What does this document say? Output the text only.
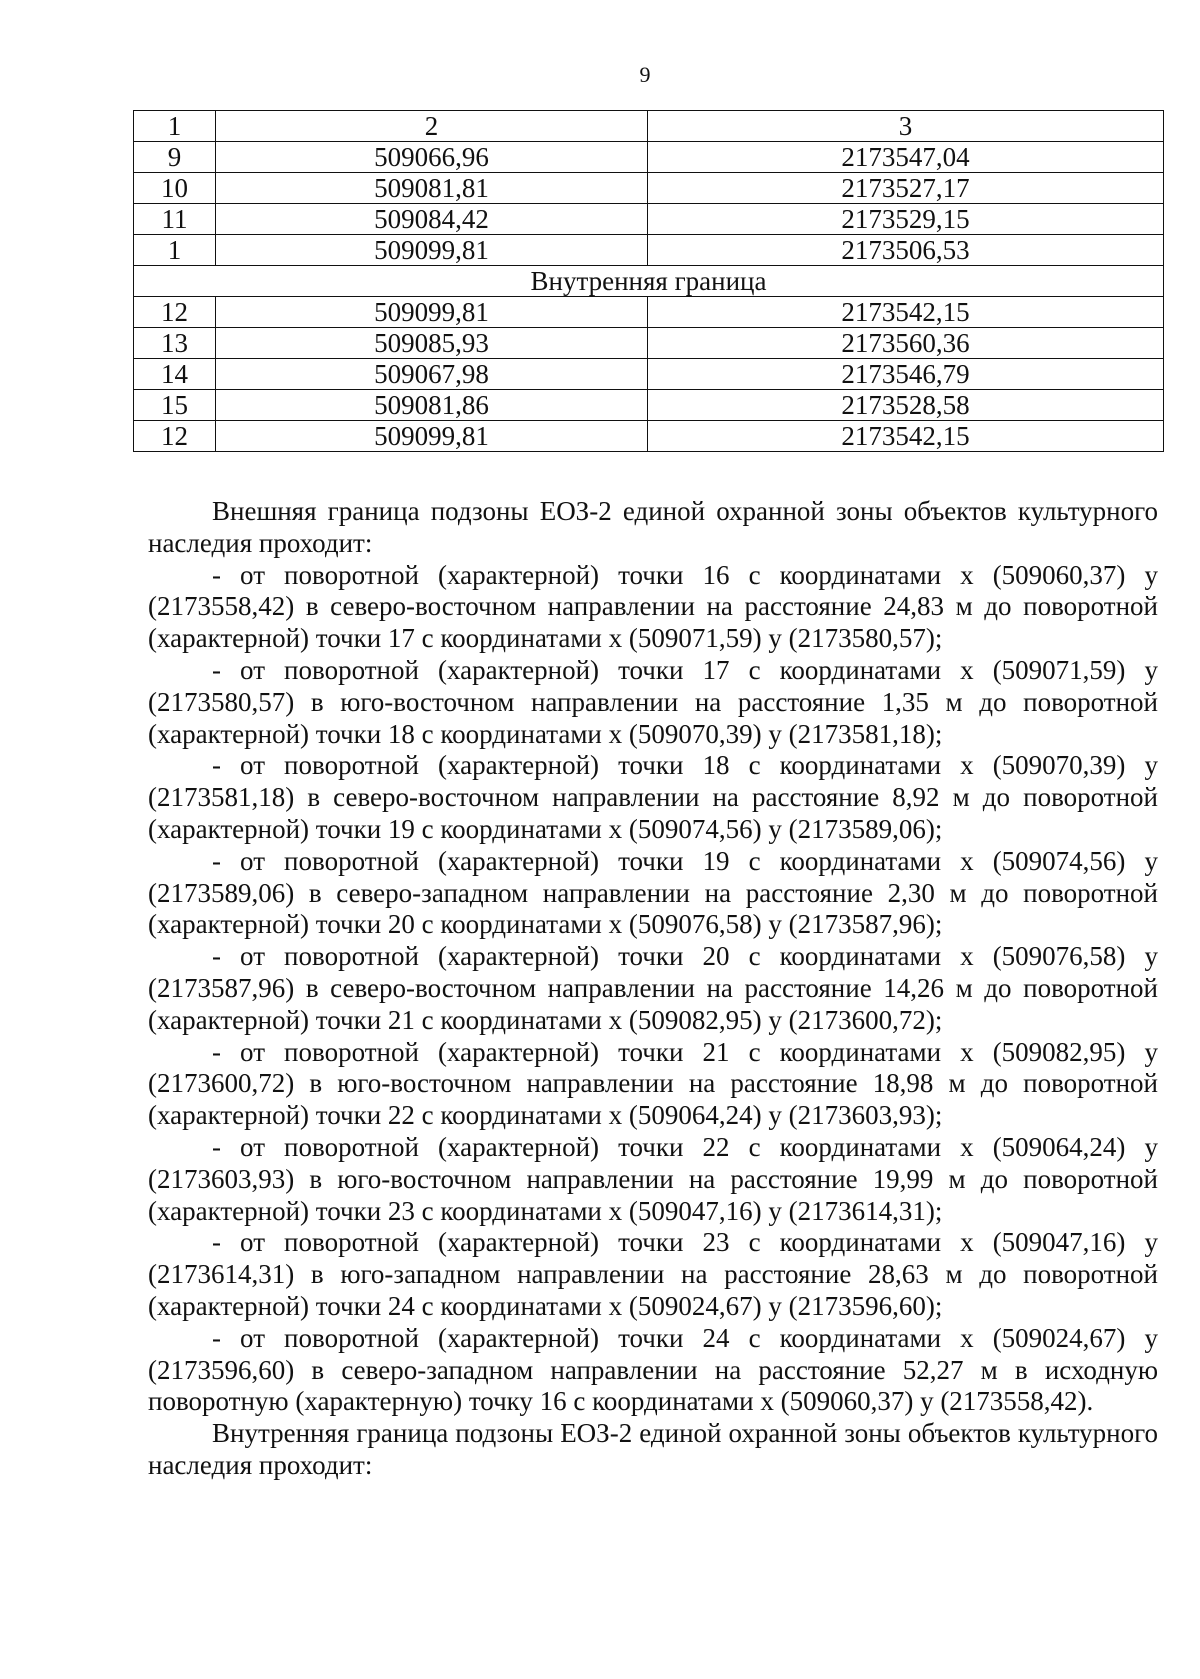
9
1	2	3
9	509066,96	2173547,04
10	509081,81	2173527,17
11	509084,42	2173529,15
1	509099,81	2173506,53
Внутренняя граница		
12	509099,81	2173542,15
13	509085,93	2173560,36
14	509067,98	2173546,79
15	509081,86	2173528,58
12	509099,81	2173542,15

Внешняя граница подзоны ЕОЗ-2 единой охранной зоны объектов культурного наследия проходит:

- от поворотной (характерной) точки 16 с координатами x (509060,37) y (2173558,42) в северо-восточном направлении на расстояние 24,83 м до поворотной (характерной) точки 17 с координатами x (509071,59) y (2173580,57);

- от поворотной (характерной) точки 17 с координатами x (509071,59) y (2173580,57) в юго-восточном направлении на расстояние 1,35 м до поворотной (характерной) точки 18 с координатами x (509070,39) y (2173581,18);

- от поворотной (характерной) точки 18 с координатами x (509070,39) y (2173581,18) в северо-восточном направлении на расстояние 8,92 м до поворотной (характерной) точки 19 с координатами x (509074,56) y (2173589,06);

- от поворотной (характерной) точки 19 с координатами x (509074,56) y (2173589,06) в северо-западном направлении на расстояние 2,30 м до поворотной (характерной) точки 20 с координатами x (509076,58) y (2173587,96);

- от поворотной (характерной) точки 20 с координатами x (509076,58) y (2173587,96) в северо-восточном направлении на расстояние 14,26 м до поворотной (характерной) точки 21 с координатами x (509082,95) y (2173600,72);

- от поворотной (характерной) точки 21 с координатами x (509082,95) y (2173600,72) в юго-восточном направлении на расстояние 18,98 м до поворотной (характерной) точки 22 с координатами x (509064,24) y (2173603,93);

- от поворотной (характерной) точки 22 с координатами x (509064,24) y (2173603,93) в юго-восточном направлении на расстояние 19,99 м до поворотной (характерной) точки 23 с координатами x (509047,16) y (2173614,31);

- от поворотной (характерной) точки 23 с координатами x (509047,16) y (2173614,31) в юго-западном направлении на расстояние 28,63 м до поворотной (характерной) точки 24 с координатами x (509024,67) y (2173596,60);

- от поворотной (характерной) точки 24 с координатами x (509024,67) y (2173596,60) в северо-западном направлении на расстояние 52,27 м в исходную поворотную (характерную) точку 16 с координатами x (509060,37) y (2173558,42).

Внутренняя граница подзоны ЕОЗ-2 единой охранной зоны объектов культурного наследия проходит:
